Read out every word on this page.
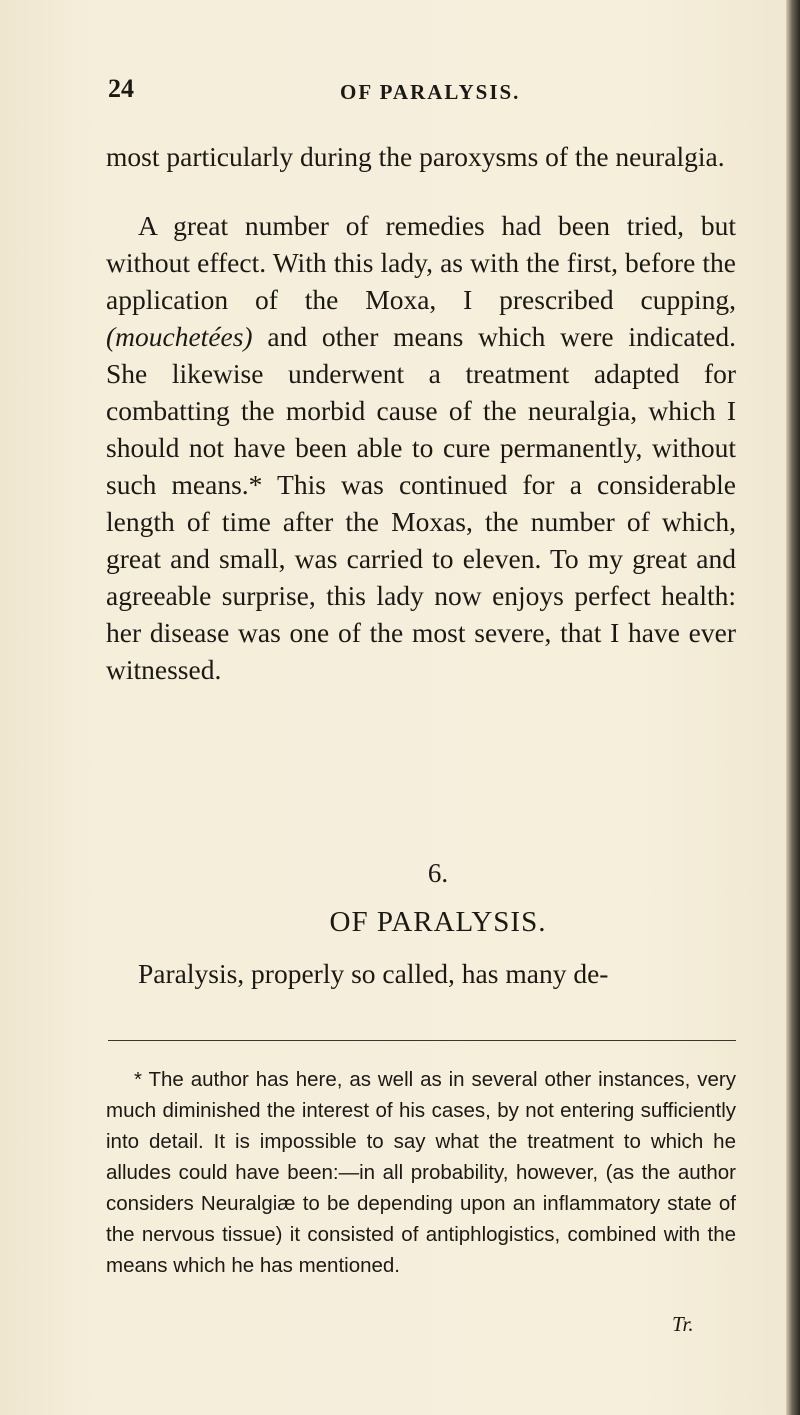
24	OF PARALYSIS.

most particularly during the paroxysms of the neuralgia.

A great number of remedies had been tried, but without effect. With this lady, as with the first, before the application of the Moxa, I prescribed cupping, (mouchetées) and other means which were indicated. She likewise underwent a treatment adapted for combatting the morbid cause of the neuralgia, which I should not have been able to cure permanently, without such means.* This was continued for a considerable length of time after the Moxas, the number of which, great and small, was carried to eleven. To my great and agreeable surprise, this lady now enjoys perfect health: her disease was one of the most severe, that I have ever witnessed.

6.
OF PARALYSIS.
Paralysis, properly so called, has many de-
* The author has here, as well as in several other instances, very much diminished the interest of his cases, by not entering sufficiently into detail. It is impossible to say what the treatment to which he alludes could have been:—in all probability, however, (as the author considers Neuralgiæ to be depending upon an inflammatory state of the nervous tissue) it consisted of antiphlogistics, combined with the means which he has mentioned.
Tr.
